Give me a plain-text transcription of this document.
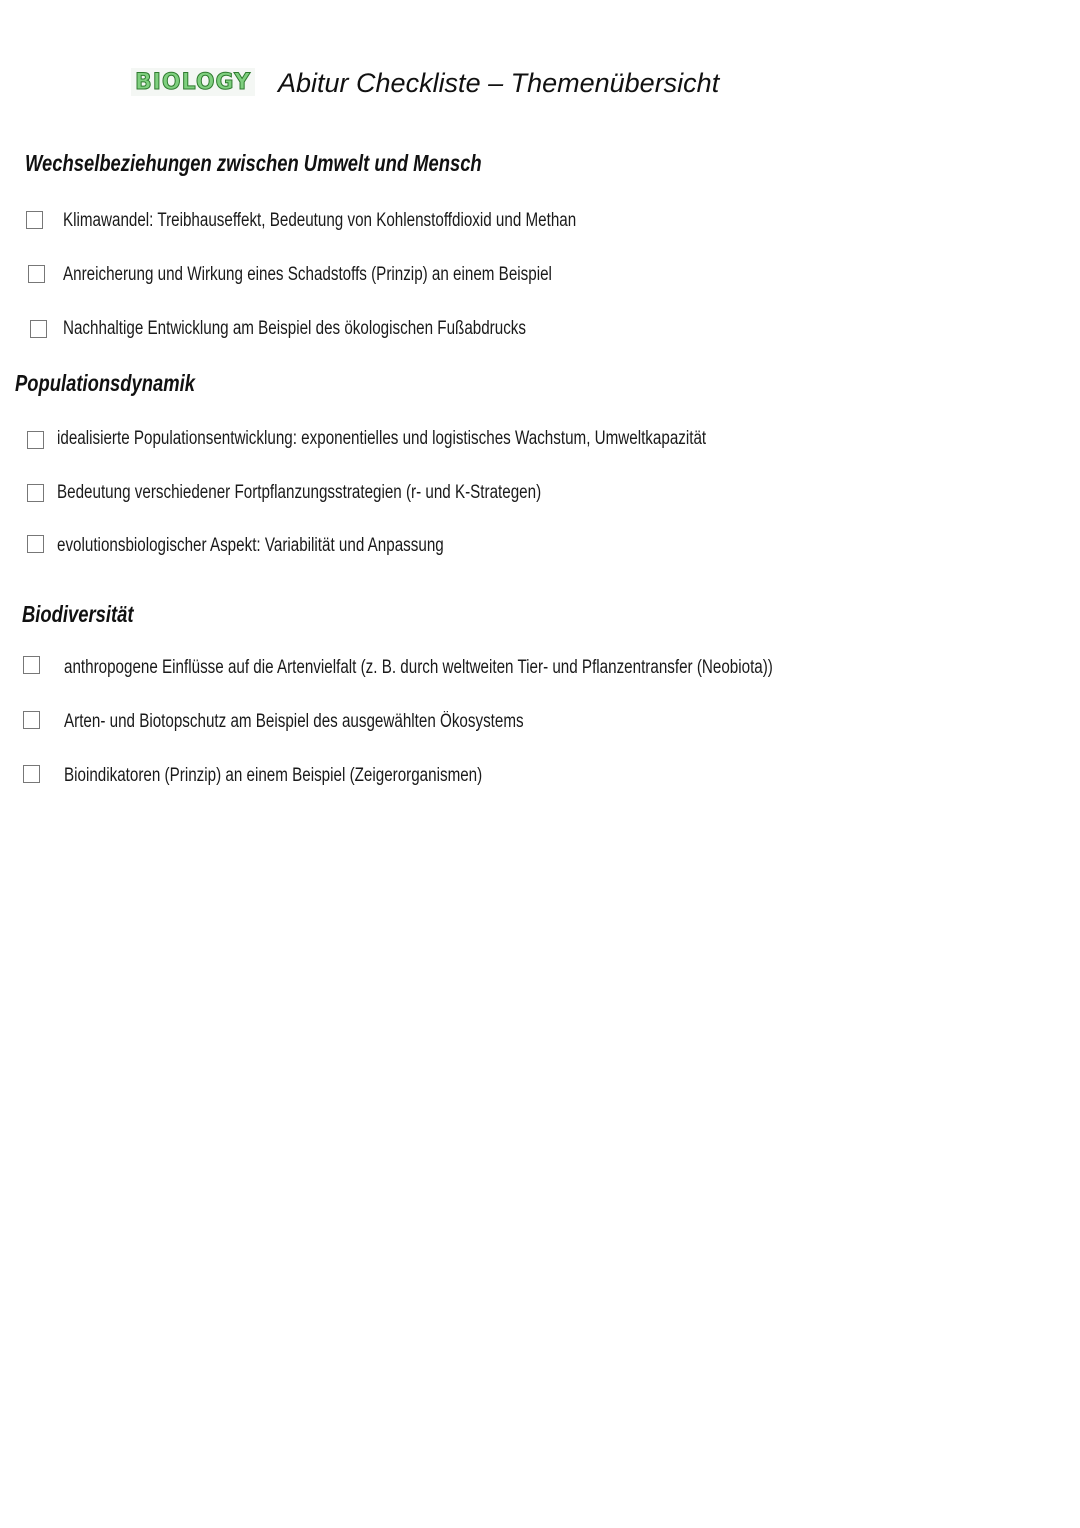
BIOLOGY Abitur Checkliste – Themenübersicht
Wechselbeziehungen zwischen Umwelt und Mensch
Klimawandel: Treibhauseffekt, Bedeutung von Kohlenstoffdioxid und Methan
Anreicherung und Wirkung eines Schadstoffs (Prinzip) an einem Beispiel
Nachhaltige Entwicklung am Beispiel des ökologischen Fußabdrucks
Populationsdynamik
idealisierte Populationsentwicklung: exponentielles und logistisches Wachstum, Umweltkapazität
Bedeutung verschiedener Fortpflanzungsstrategien (r- und K-Strategen)
evolutionsbiologischer Aspekt: Variabilität und Anpassung
Biodiversität
anthropogene Einflüsse auf die Artenvielfalt (z. B. durch weltweiten Tier- und Pflanzentransfer (Neobiota))
Arten- und Biotopschutz am Beispiel des ausgewählten Ökosystems
Bioindikatoren (Prinzip) an einem Beispiel (Zeigerorganismen)
